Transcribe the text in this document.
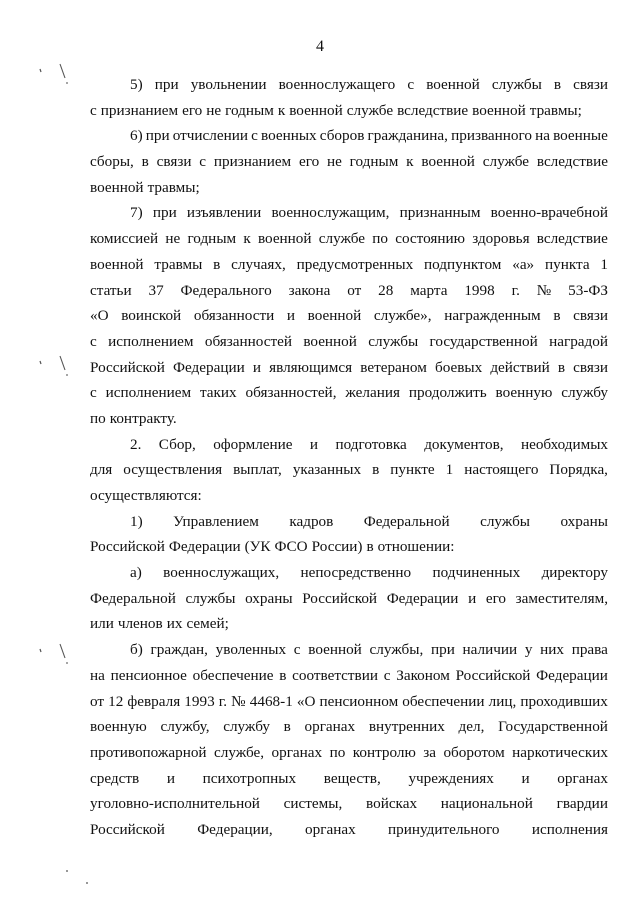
4
5) при увольнении военнослужащего с военной службы в связи
с признанием его не годным к военной службе вследствие военной травмы;
6) при отчислении с военных сборов гражданина, призванного на военные
сборы, в связи с признанием его не годным к военной службе вследствие
военной травмы;
7) при изъявлении военнослужащим, признанным военно-врачебной
комиссией не годным к военной службе по состоянию здоровья вследствие
военной травмы в случаях, предусмотренных подпунктом «а» пункта 1
статьи 37 Федерального закона от 28 марта 1998 г. № 53-ФЗ
«О воинской обязанности и военной службе», награжденным в связи
с исполнением обязанностей военной службы государственной наградой
Российской Федерации и являющимся ветераном боевых действий в связи
с исполнением таких обязанностей, желания продолжить военную службу
по контракту.
2. Сбор, оформление и подготовка документов, необходимых
для осуществления выплат, указанных в пункте 1 настоящего Порядка,
осуществляются:
1) Управлением кадров Федеральной службы охраны
Российской Федерации (УК ФСО России) в отношении:
а) военнослужащих, непосредственно подчиненных директору
Федеральной службы охраны Российской Федерации и его заместителям,
или членов их семей;
б) граждан, уволенных с военной службы, при наличии у них права
на пенсионное обеспечение в соответствии с Законом Российской Федерации
от 12 февраля 1993 г. № 4468-1 «О пенсионном обеспечении лиц, проходивших
военную службу, службу в органах внутренних дел, Государственной
противопожарной службе, органах по контролю за оборотом наркотических
средств и психотропных веществ, учреждениях и органах
уголовно-исполнительной системы, войсках национальной гвардии
Российской Федерации, органах принудительного исполнения
